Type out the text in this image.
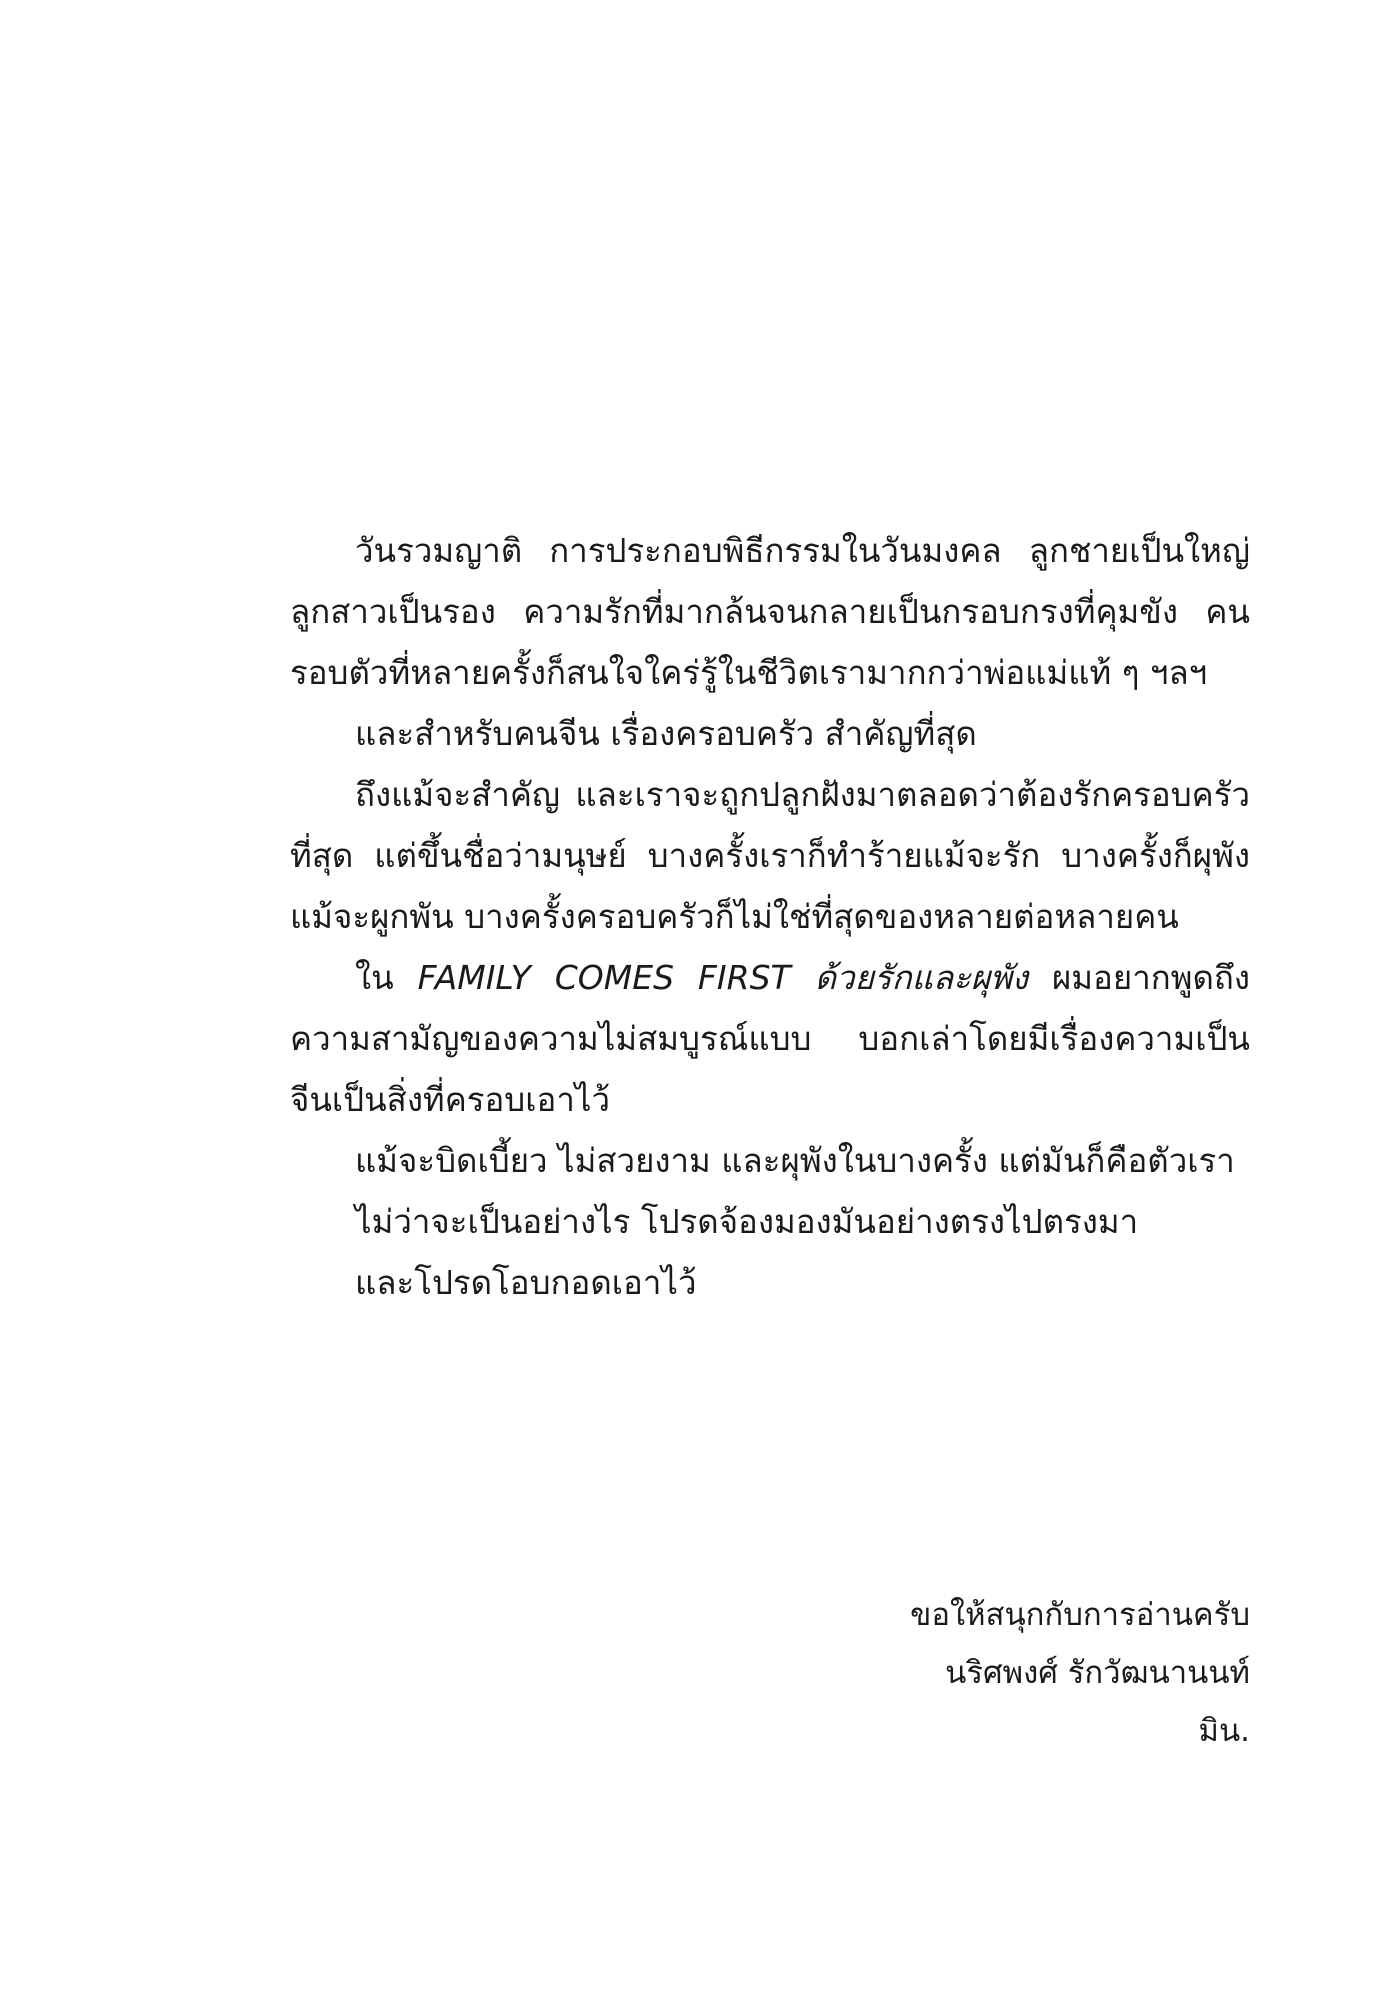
วันรวมญาติ การประกอบพิธีกรรมในวันมงคล ลูกชายเป็นใหญ่ ลูกสาวเป็นรอง ความรักที่มากล้นจนกลายเป็นกรอบกรงที่คุมขัง คนรอบตัวที่หลายครั้งก็สนใจใคร่รู้ในชีวิตเรามากกว่าพ่อแม่แท้ ๆ ฯลฯ

และสำหรับคนจีน เรื่องครอบครัว สำคัญที่สุด

ถึงแม้จะสำคัญ และเราจะถูกปลูกฝังมาตลอดว่าต้องรักครอบครัวที่สุด แต่ขึ้นชื่อว่ามนุษย์ บางครั้งเราก็ทำร้ายแม้จะรัก บางครั้งก็ผุพังแม้จะผูกพัน บางครั้งครอบครัวก็ไม่ใช่ที่สุดของหลายต่อหลายคน

ใน FAMILY COMES FIRST ด้วยรักและผุพัง ผมอยากพูดถึงความสามัญของความไม่สมบูรณ์แบบ บอกเล่าโดยมีเรื่องความเป็นจีนเป็นสิ่งที่ครอบเอาไว้

แม้จะบิดเบี้ยว ไม่สวยงาม และผุพังในบางครั้ง แต่มันก็คือตัวเรา

ไม่ว่าจะเป็นอย่างไร โปรดจ้องมองมันอย่างตรงไปตรงมา

และโปรดโอบกอดเอาไว้

ขอให้สนุกกับการอ่านครับ
นริศพงศ์ รักวัฒนานนท์
มิน.
